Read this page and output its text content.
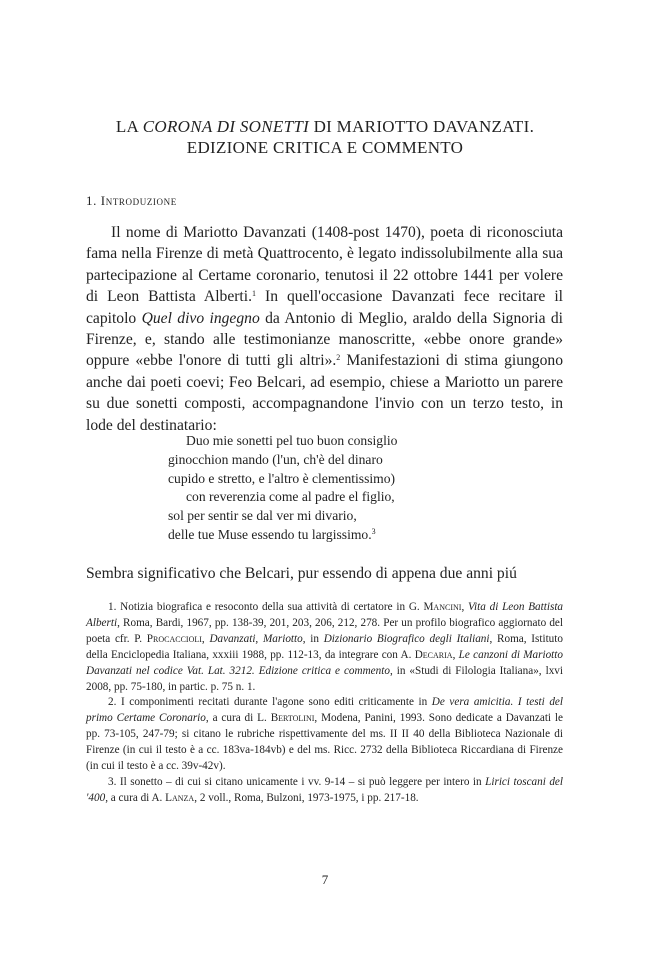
LA CORONA DI SONETTI DI MARIOTTO DAVANZATI.
EDIZIONE CRITICA E COMMENTO
1. Introduzione
Il nome di Mariotto Davanzati (1408-post 1470), poeta di riconosciuta fama nella Firenze di metà Quattrocento, è legato indissolubilmente alla sua partecipazione al Certame coronario, tenutosi il 22 ottobre 1441 per volere di Leon Battista Alberti.$^1$ In quell'occasione Davanzati fece recitare il capitolo Quel divo ingegno da Antonio di Meglio, araldo della Signoria di Firenze, e, stando alle testimonianze manoscritte, «ebbe onore grande» oppure «ebbe l'onore di tutti gli altri».$^2$ Manifestazioni di stima giungono anche dai poeti coevi; Feo Belcari, ad esempio, chiese a Mariotto un parere su due sonetti composti, accompagnandone l'invio con un terzo testo, in lode del destinatario:
Duo mie sonetti pel tuo buon consiglio
ginocchion mando (l'un, ch'è del dinaro
cupido e stretto, e l'altro è clementissimo)
con reverenzia come al padre el figlio,
sol per sentir se dal ver mi divario,
delle tue Muse essendo tu largissimo.$^3$
Sembra significativo che Belcari, pur essendo di appena due anni piú

1. Notizia biografica e resoconto della sua attività di certatore in G. Mancini, Vita di Leon Battista Alberti, Roma, Bardi, 1967, pp. 138-39, 201, 203, 206, 212, 278. Per un profilo biografico aggiornato del poeta cfr. P. Procaccioli, Davanzati, Mariotto, in Dizionario Biografico degli Italiani, Roma, Istituto della Enciclopedia Italiana, xxxiii 1988, pp. 112-13, da integrare con A. Decaria, Le canzoni di Mariotto Davanzati nel codice Vat. Lat. 3212. Edizione critica e commento, in «Studi di Filologia Italiana», lxvi 2008, pp. 75-180, in partic. p. 75 n. 1.

2. I componimenti recitati durante l'agone sono editi criticamente in De vera amicitia. I testi del primo Certame Coronario, a cura di L. Bertolini, Modena, Panini, 1993. Sono dedicate a Davanzati le pp. 73-105, 247-79; si citano le rubriche rispettivamente del ms. II II 40 della Biblioteca Nazionale di Firenze (in cui il testo è a cc. 183va-184vb) e del ms. Ricc. 2732 della Biblioteca Riccardiana di Firenze (in cui il testo è a cc. 39v-42v).

3. Il sonetto – di cui si citano unicamente i vv. 9-14 – si può leggere per intero in Lirici toscani del '400, a cura di A. Lanza, 2 voll., Roma, Bulzoni, 1973-1975, i pp. 217-18.

7
